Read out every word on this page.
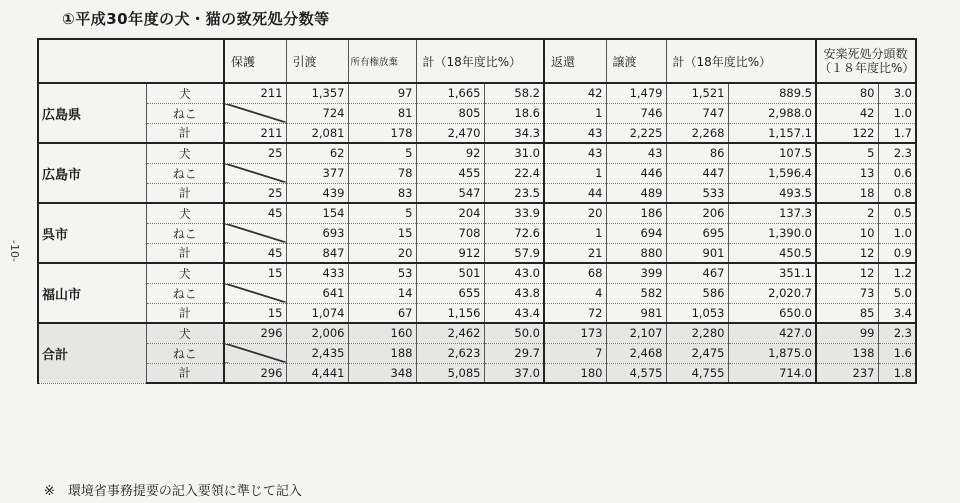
①平成30年度の犬・猫の致死処分数等
-10-
		保護	引渡	所有権放棄	計（18年度比%）		返還	譲渡	計（18年度比%）		安楽死処分頭数（１８年度比%）	
広島県	犬	211	1,357	97	1,665	58.2	42	1,479	1,521	889.5	80	3.0
	ねこ		724	81	805	18.6	1	746	747	2,988.0	42	1.0
	計	211	2,081	178	2,470	34.3	43	2,225	2,268	1,157.1	122	1.7
広島市	犬	25	62	5	92	31.0	43	43	86	107.5	5	2.3
	ねこ		377	78	455	22.4	1	446	447	1,596.4	13	0.6
	計	25	439	83	547	23.5	44	489	533	493.5	18	0.8
呉市	犬	45	154	5	204	33.9	20	186	206	137.3	2	0.5
	ねこ		693	15	708	72.6	1	694	695	1,390.0	10	1.0
	計	45	847	20	912	57.9	21	880	901	450.5	12	0.9
福山市	犬	15	433	53	501	43.0	68	399	467	351.1	12	1.2
	ねこ		641	14	655	43.8	4	582	586	2,020.7	73	5.0
	計	15	1,074	67	1,156	43.4	72	981	1,053	650.0	85	3.4
合計	犬	296	2,006	160	2,462	50.0	173	2,107	2,280	427.0	99	2.3
	ねこ		2,435	188	2,623	29.7	7	2,468	2,475	1,875.0	138	1.6
	計	296	4,441	348	5,085	37.0	180	4,575	4,755	714.0	237	1.8
※　環境省事務提要の記入要領に準じて記入
